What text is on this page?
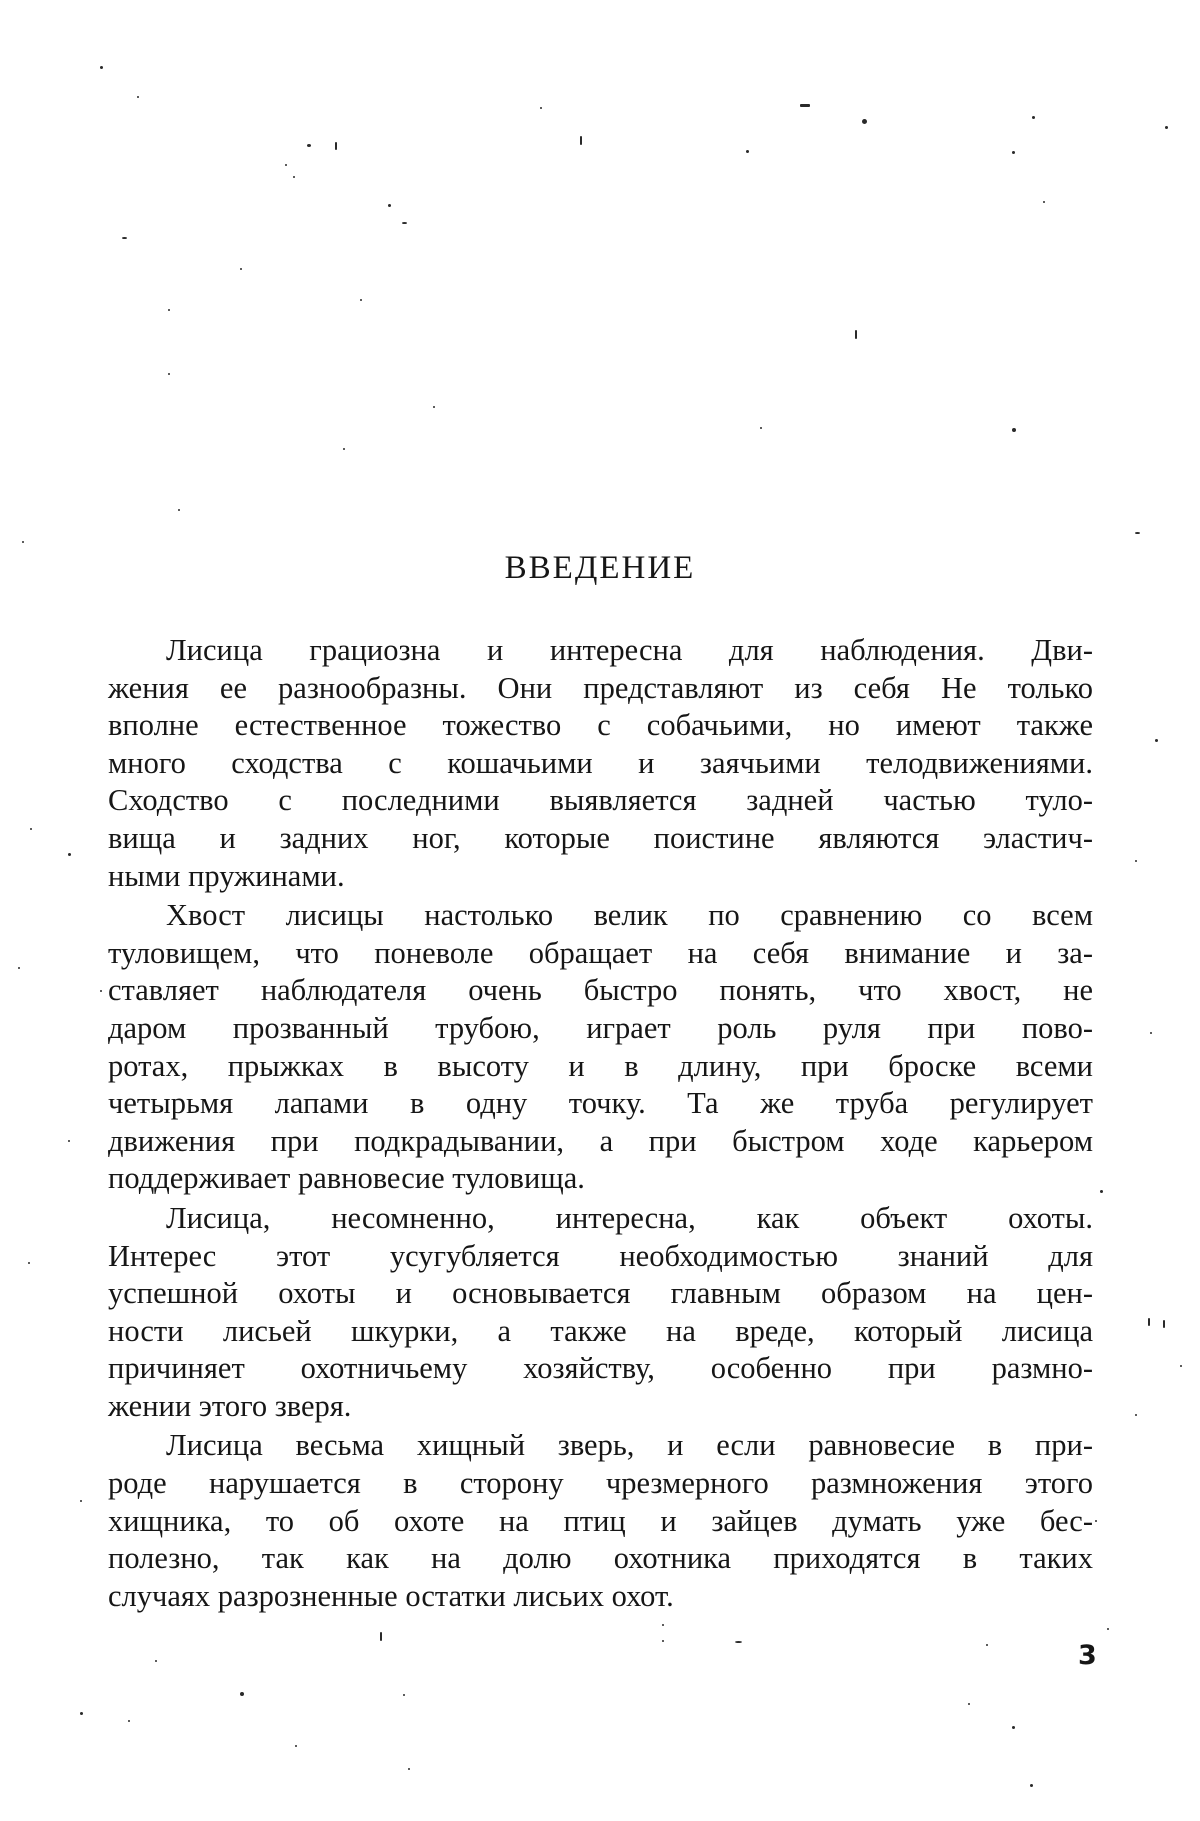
ВВЕДЕНИЕ
Лисица грациозна и интересна для наблюдения. Дви-
жения ее разнообразны. Они представляют из себя Не только
вполне естественное тожество с собачьими, но имеют также
много сходства с кошачьими и заячьими телодвижениями.
Сходство с последними выявляется задней частью туло-
вища и задних ног, которые поистине являются эластич-
ными пружинами.
Хвост лисицы настолько велик по сравнению со всем
туловищем, что поневоле обращает на себя внимание и за-
ставляет наблюдателя очень быстро понять, что хвост, не
даром прозванный трубою, играет роль руля при пово-
ротах, прыжках в высоту и в длину, при броске всеми
четырьмя лапами в одну точку. Та же труба регулирует
движения при подкрадывании, а при быстром ходе карьером
поддерживает равновесие туловища.
Лисица, несомненно, интересна, как объект охоты.
Интерес этот усугубляется необходимостью знаний для
успешной охоты и основывается главным образом на цен-
ности лисьей шкурки, а также на вреде, который лисица
причиняет охотничьему хозяйству, особенно при размно-
жении этого зверя.
Лисица весьма хищный зверь, и если равновесие в при-
роде нарушается в сторону чрезмерного размножения этого
хищника, то об охоте на птиц и зайцев думать уже бес-
полезно, так как на долю охотника приходятся в таких
случаях разрозненные остатки лисьих охот.
3
